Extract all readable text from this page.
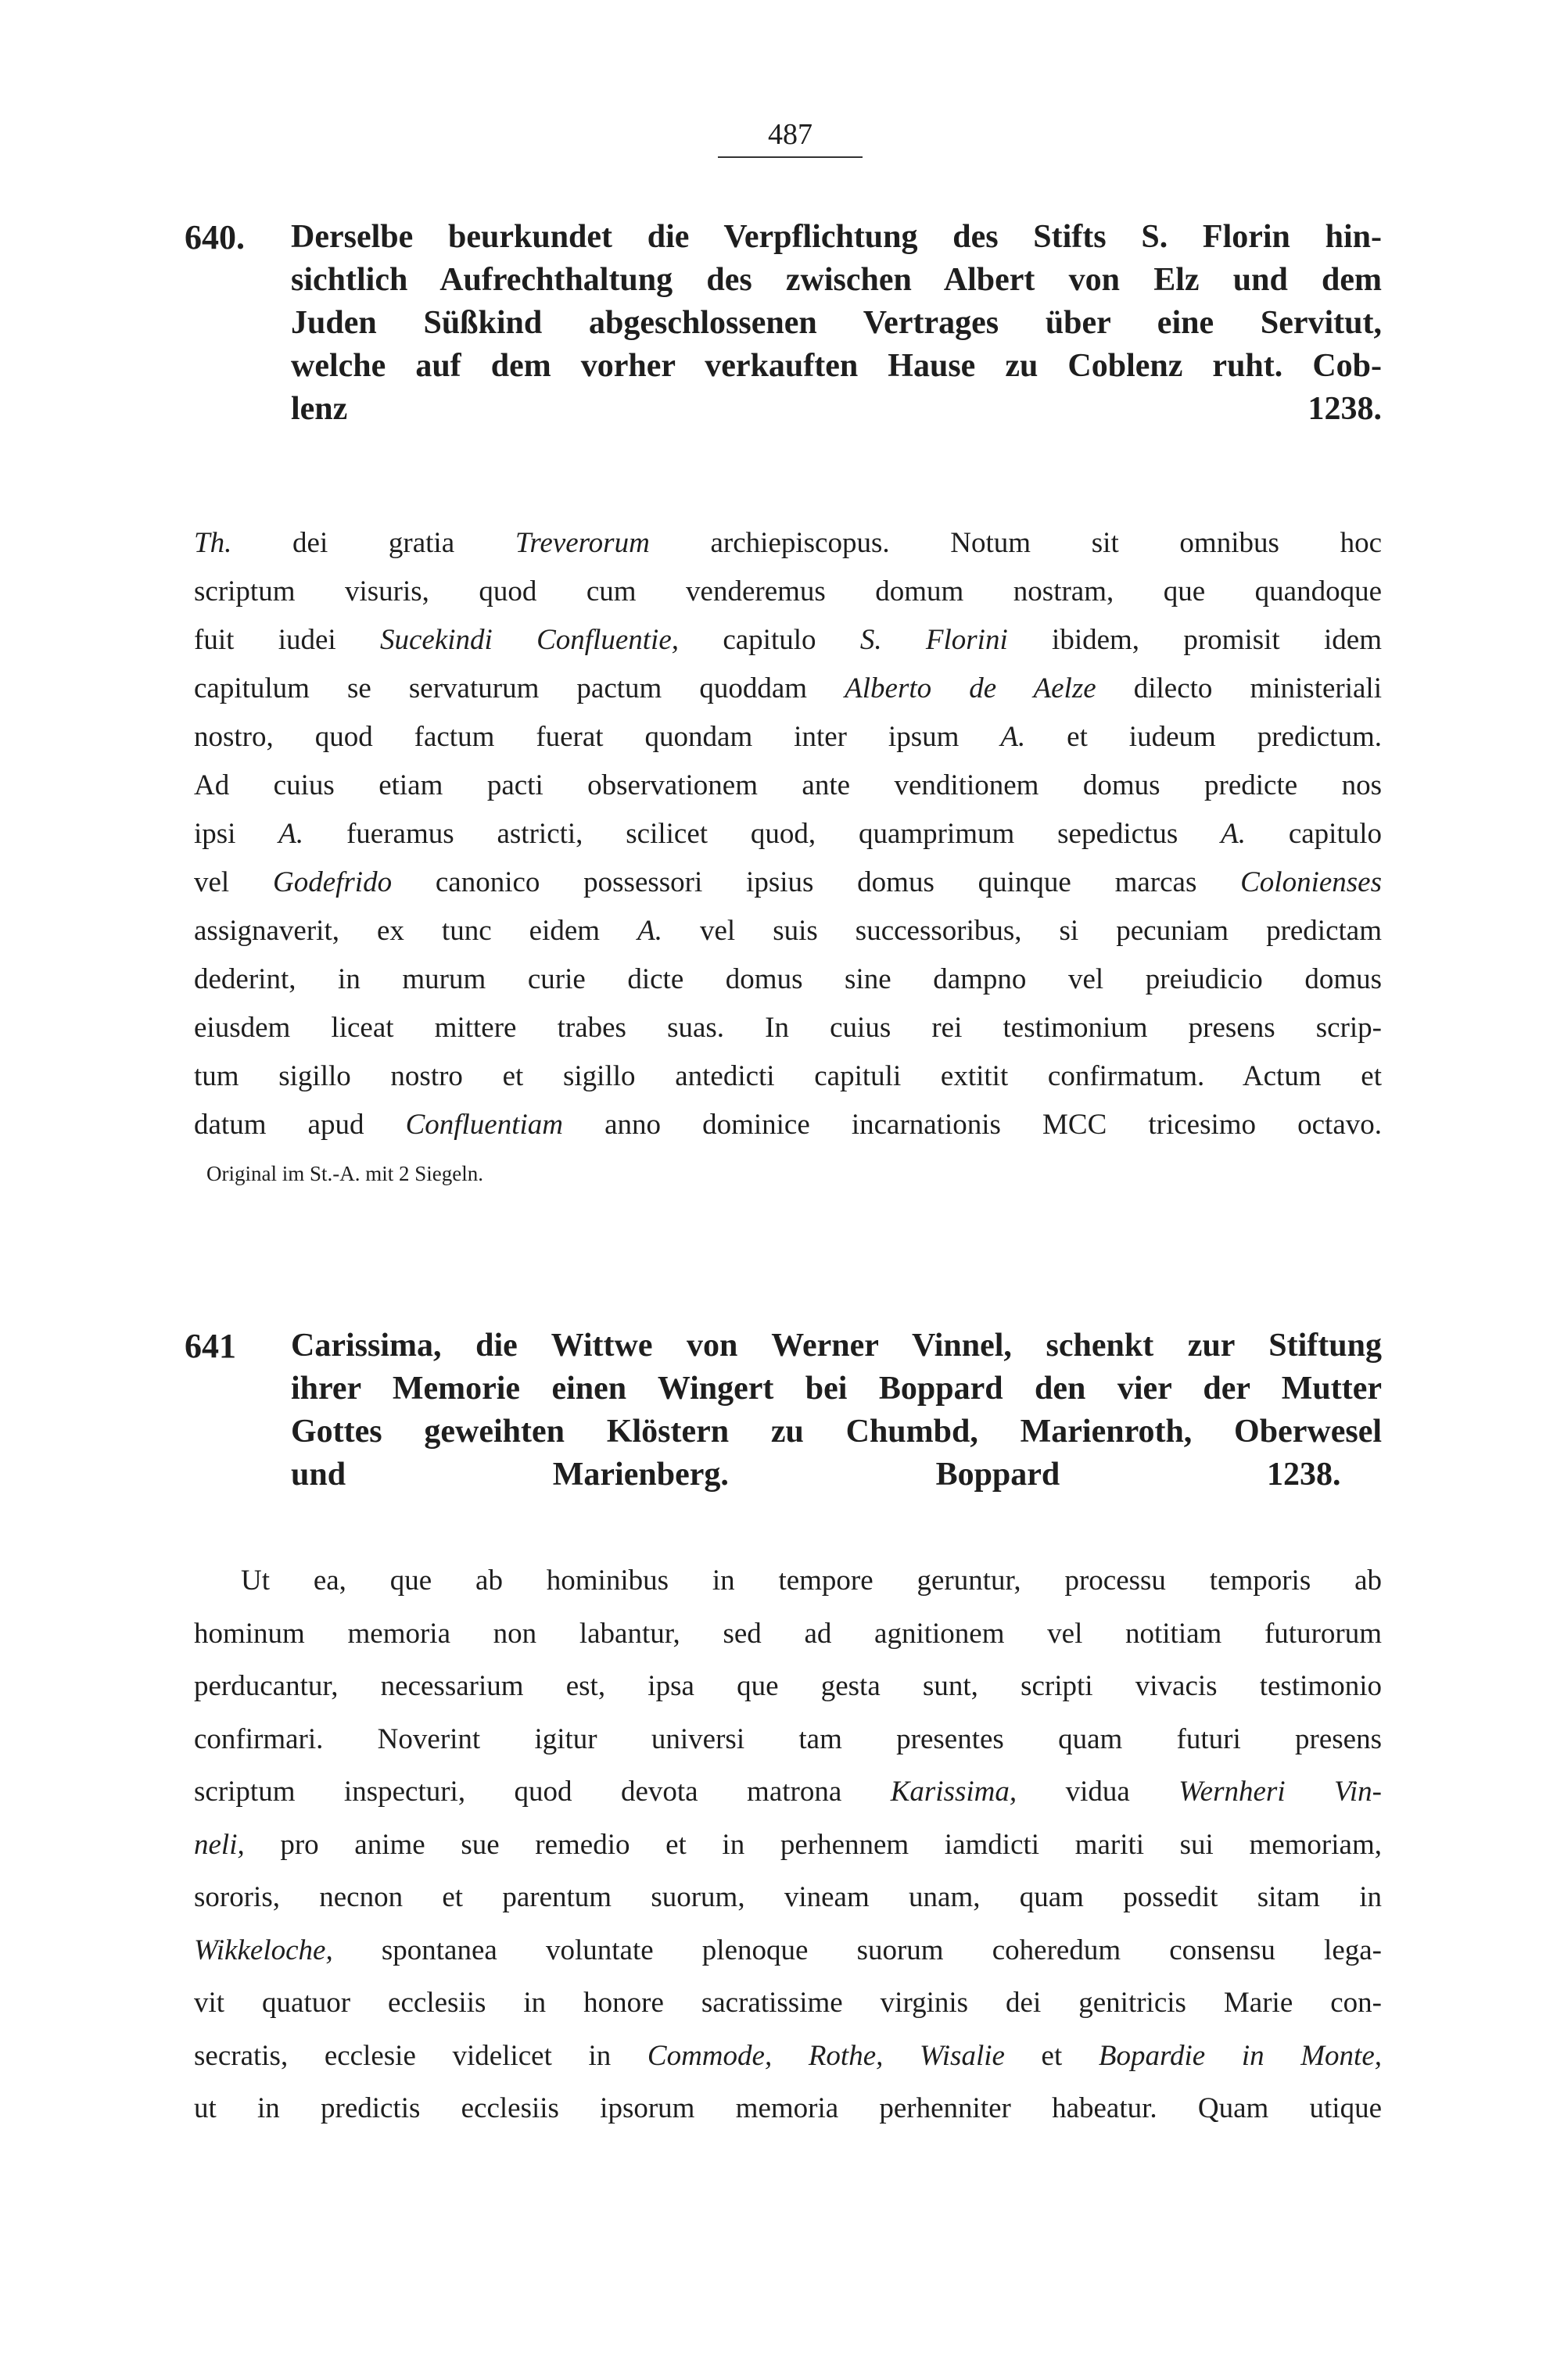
487
640. Derselbe beurkundet die Verpflichtung des Stifts S. Florin hin-
sichtlich Aufrechthaltung des zwischen Albert von Elz und dem
Juden Süßkind abgeschlossenen Vertrages über eine Servitut,
welche auf dem vorher verkauften Hause zu Coblenz ruht. Cob-
lenz 1238.
Th. dei gratia Treverorum archiepiscopus. Notum sit omnibus hoc
scriptum visuris, quod cum venderemus domum nostram, que quandoque
fuit iudei Sucekindi Confluentie, capitulo S. Florini ibidem, promisit idem
capitulum se servaturum pactum quoddam Alberto de Aelze dilecto ministeriali
nostro, quod factum fuerat quondam inter ipsum A. et iudeum predictum.
Ad cuius etiam pacti observationem ante venditionem domus predicte nos
ipsi A. fueramus astricti, scilicet quod, quamprimum sepedictus A. capitulo
vel Godefrido canonico possessori ipsius domus quinque marcas Colonienses
assignaverit, ex tunc eidem A. vel suis successoribus, si pecuniam predictam
dederint, in murum curie dicte domus sine dampno vel preiudicio domus
eiusdem liceat mittere trabes suas. In cuius rei testimonium presens scrip-
tum sigillo nostro et sigillo antedicti capituli extitit confirmatum. Actum et
datum apud Confluentiam anno dominice incarnationis MCC tricesimo octavo.
Original im St.-A. mit 2 Siegeln.
641 Carissima, die Wittwe von Werner Vinnel, schenkt zur Stiftung
ihrer Memorie einen Wingert bei Boppard den vier der Mutter
Gottes geweihten Klöstern zu Chumbd, Marienroth, Oberwesel
und Marienberg. Boppard 1238.
Ut ea, que ab hominibus in tempore geruntur, processu temporis ab
hominum memoria non labantur, sed ad agnitionem vel notitiam futurorum
perducantur, necessarium est, ipsa que gesta sunt, scripti vivacis testimonio
confirmari. Noverint igitur universi tam presentes quam futuri presens
scriptum inspecturi, quod devota matrona Karissima, vidua Wernheri Vin-
neli, pro anime sue remedio et in perhennem iamdicti mariti sui memoriam,
sororis, necnon et parentum suorum, vineam unam, quam possedit sitam in
Wikkeloche, spontanea voluntate plenoque suorum coheredum consensu lega-
vit quatuor ecclesiis in honore sacratissime virginis dei genitricis Marie con-
secratis, ecclesie videlicet in Commode, Rothe, Wisalie et Bopardie in Monte,
ut in predictis ecclesiis ipsorum memoria perhenniter habeatur. Quam utique
